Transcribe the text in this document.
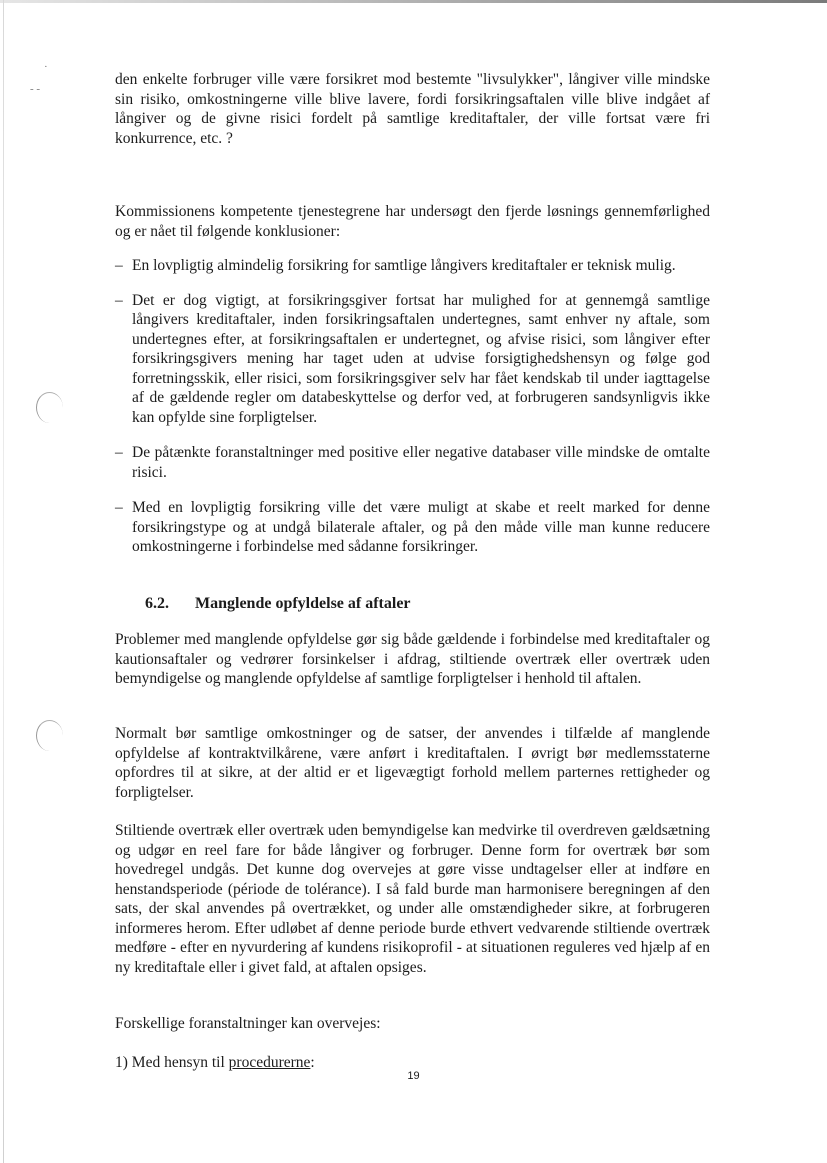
·
- -

den enkelte forbruger ville være forsikret mod bestemte "livsulykker", långiver ville mindske sin risiko, omkostningerne ville blive lavere, fordi forsikringsaftalen ville blive indgået af långiver og de givne risici fordelt på samtlige kreditaftaler, der ville fortsat være fri konkurrence, etc. ?

Kommissionens kompetente tjenestegrene har undersøgt den fjerde løsnings gennemførlighed og er nået til følgende konklusioner:

– En lovpligtig almindelig forsikring for samtlige långivers kreditaftaler er teknisk mulig.
– Det er dog vigtigt, at forsikringsgiver fortsat har mulighed for at gennemgå samtlige långivers kreditaftaler, inden forsikringsaftalen undertegnes, samt enhver ny aftale, som undertegnes efter, at forsikringsaftalen er undertegnet, og afvise risici, som långiver efter forsikringsgivers mening har taget uden at udvise forsigtighedshensyn og følge god forretningsskik, eller risici, som forsikringsgiver selv har fået kendskab til under iagttagelse af de gældende regler om databeskyttelse og derfor ved, at forbrugeren sandsynligvis ikke kan opfylde sine forpligtelser.
– De påtænkte foranstaltninger med positive eller negative databaser ville mindske de omtalte risici.
– Med en lovpligtig forsikring ville det være muligt at skabe et reelt marked for denne forsikringstype og at undgå bilaterale aftaler, og på den måde ville man kunne reducere omkostningerne i forbindelse med sådanne forsikringer.
6.2. Manglende opfyldelse af aftaler

Problemer med manglende opfyldelse gør sig både gældende i forbindelse med kreditaftaler og kautionsaftaler og vedrører forsinkelser i afdrag, stiltiende overtræk eller overtræk uden bemyndigelse og manglende opfyldelse af samtlige forpligtelser i henhold til aftalen.

Normalt bør samtlige omkostninger og de satser, der anvendes i tilfælde af manglende opfyldelse af kontraktvilkårene, være anført i kreditaftalen. I øvrigt bør medlemsstaterne opfordres til at sikre, at der altid er et ligevægtigt forhold mellem parternes rettigheder og forpligtelser.

Stiltiende overtræk eller overtræk uden bemyndigelse kan medvirke til overdreven gældsætning og udgør en reel fare for både långiver og forbruger. Denne form for overtræk bør som hovedregel undgås. Det kunne dog overvejes at gøre visse undtagelser eller at indføre en henstandsperiode (période de tolérance). I så fald burde man harmonisere beregningen af den sats, der skal anvendes på overtrækket, og under alle omstændigheder sikre, at forbrugeren informeres herom. Efter udløbet af denne periode burde ethvert vedvarende stiltiende overtræk medføre - efter en nyvurdering af kundens risikoprofil - at situationen reguleres ved hjælp af en ny kreditaftale eller i givet fald, at aftalen opsiges.

Forskellige foranstaltninger kan overvejes:

1) Med hensyn til procedurerne:

19
